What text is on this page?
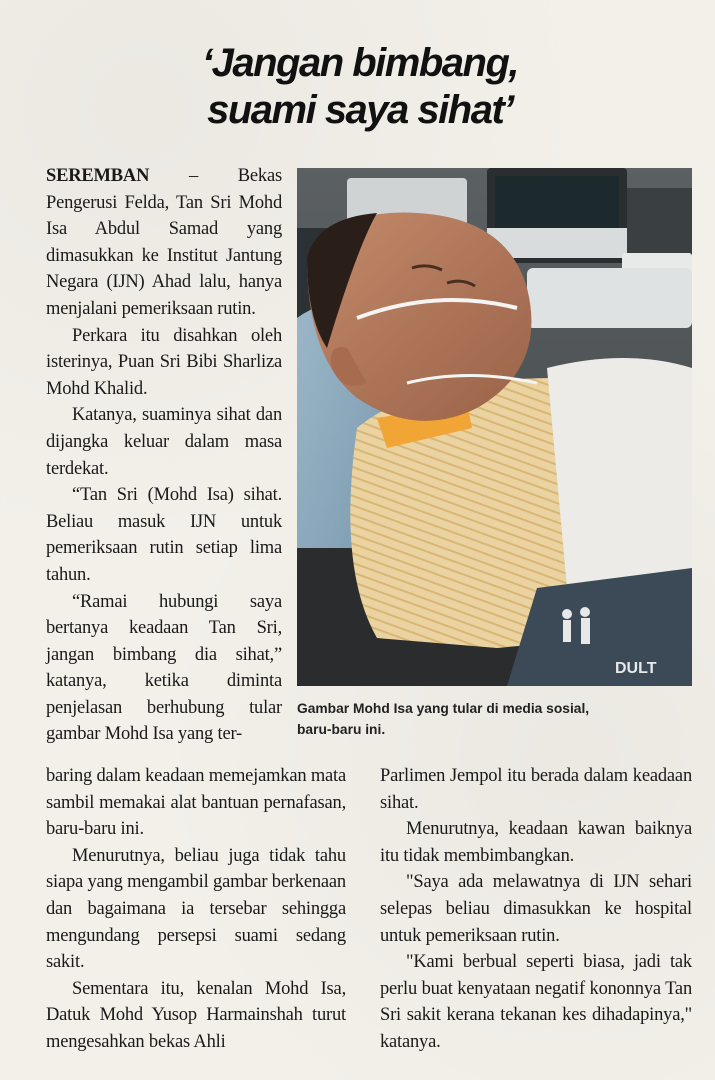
‘Jangan bimbang,
suami saya sihat’

SEREMBAN – Bekas Pengerusi Felda, Tan Sri Mohd Isa Abdul Samad yang dimasukkan ke Institut Jantung Negara (IJN) Ahad lalu, hanya menjalani pemeriksaan rutin.

Perkara itu disahkan oleh isterinya, Puan Sri Bibi Sharliza Mohd Khalid.

Katanya, suaminya sihat dan dijangka keluar dalam masa terdekat.

“Tan Sri (Mohd Isa) sihat. Beliau masuk IJN untuk pemeriksaan rutin setiap lima tahun.

“Ramai hubungi saya bertanya keadaan Tan Sri, jangan bimbang dia sihat,” katanya, ketika diminta penjelasan berhubung tular gambar Mohd Isa yang ter-

DULT
Gambar Mohd Isa yang tular di media sosial,
baru-baru ini.

baring dalam keadaan memejamkan mata sambil memakai alat bantuan pernafasan, baru-baru ini.

Menurutnya, beliau juga tidak tahu siapa yang mengambil gambar berkenaan dan bagaimana ia tersebar sehingga mengundang persepsi suami sedang sakit.

Sementara itu, kenalan Mohd Isa, Datuk Mohd Yusop Harmainshah turut mengesahkan bekas Ahli

Parlimen Jempol itu berada dalam keadaan sihat.

Menurutnya, keadaan kawan baiknya itu tidak membimbangkan.

"Saya ada melawatnya di IJN sehari selepas beliau dimasukkan ke hospital untuk pemeriksaan rutin.

"Kami berbual seperti biasa, jadi tak perlu buat kenyataan negatif kononnya Tan Sri sakit kerana tekanan kes dihadapinya," katanya.
